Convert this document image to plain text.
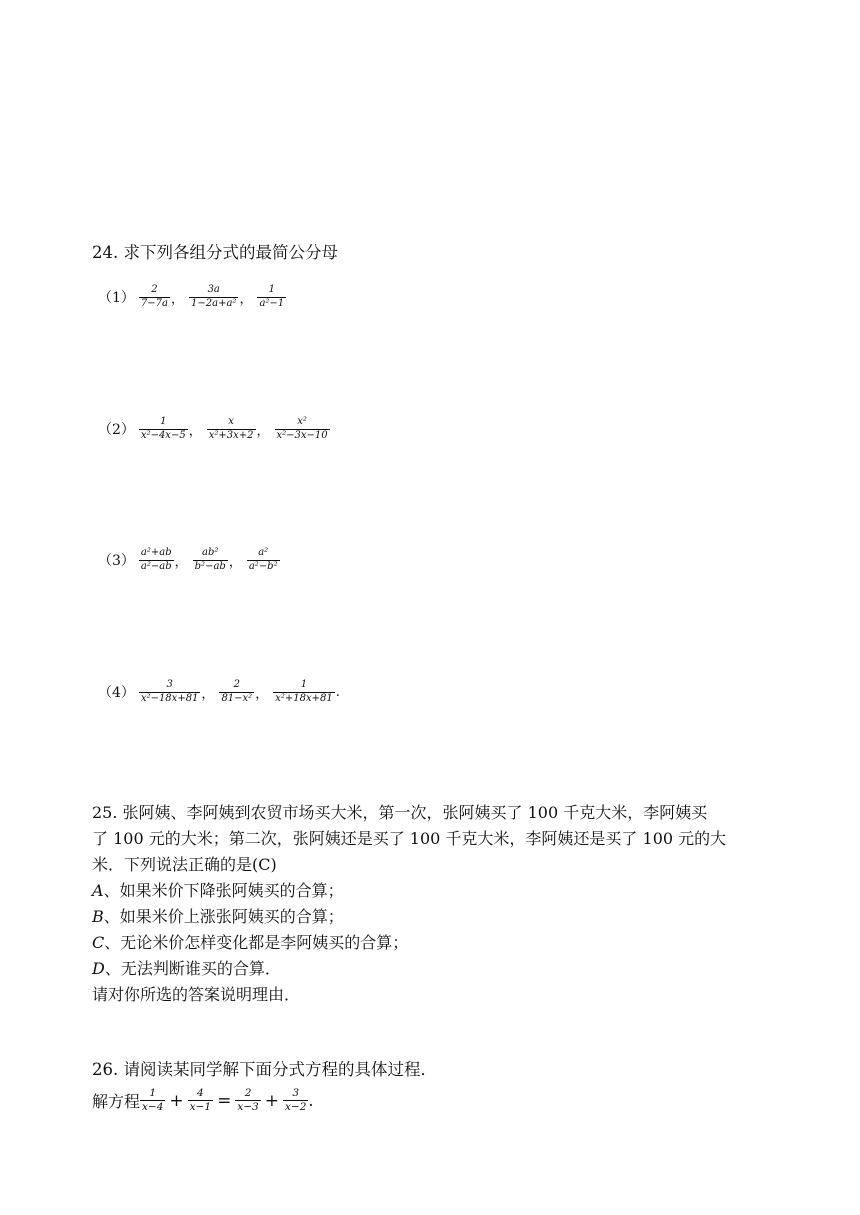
24. 求下列各组分式的最简公分母
$(1) \frac{2}{7-7a}$ ， $\frac{3a}{\text{1−2a+a²}}$ ， $\frac{1}{\text{a²−1}}$
$(2) \frac{1}{\text{x²−4x−5}}$ ， $\frac{x}{\text{x²+3x+2}}$ ， $\frac{\text{x²}}{\text{x²−3x−10}}$
$(3) \frac{\text{a²+ab}}{\text{a²−ab}}$ ， $\frac{\text{ab²}}{\text{b²−ab}}$ ， $\frac{\text{a²}}{\text{a²−b²}}$
$(4) \frac{3}{\text{x²−18x+81}}$ ， $\frac{2}{\text{81−x²}}$ ， $\frac{1}{\text{x²+18x+81}}$ .

25. 张阿姨、李阿姨到农贸市场买大米，第一次，张阿姨买了 100 千克大米，李阿姨买

了 100 元的大米；第二次，张阿姨还是买了 100 千克大米，李阿姨还是买了 100 元的大

米．下列说法正确的是(C)

A、如果米价下降张阿姨买的合算；

B、如果米价上涨张阿姨买的合算；

C、无论米价怎样变化都是李阿姨买的合算；

D、无法判断谁买的合算．

请对你所选的答案说明理由．

26. 请阅读某同学解下面分式方程的具体过程．
解方程 $\frac{1}{x-4} + \frac{4}{x-1} = \frac{2}{x-3} + \frac{3}{x-2}$ .
